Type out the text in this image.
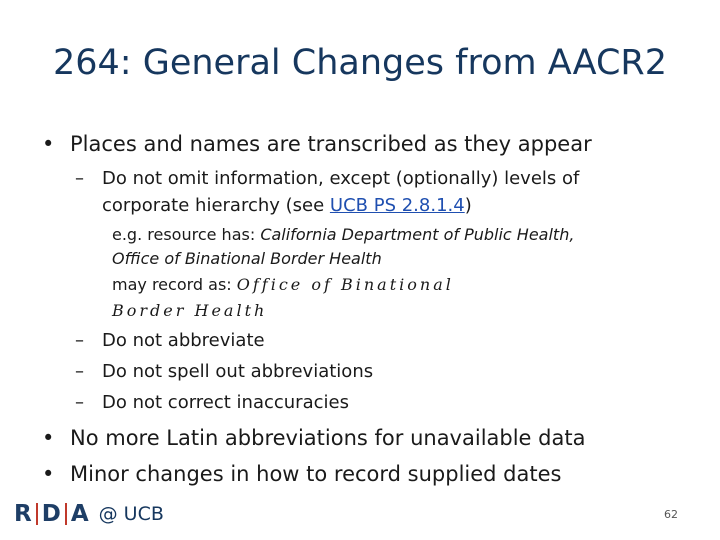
264: General Changes from AACR2
• Places and names are transcribed as they appear
– Do not omit information, except (optionally) levels of
corporate hierarchy (see UCB PS 2.8.1.4)
e.g. resource has: California Department of Public Health,
Office of Binational Border Health
may record as: Office of Binational
Border Health
– Do not abbreviate
– Do not spell out abbreviations
– Do not correct inaccuracies
• No more Latin abbreviations for unavailable data
• Minor changes in how to record supplied dates
R D A @ UCB	62
